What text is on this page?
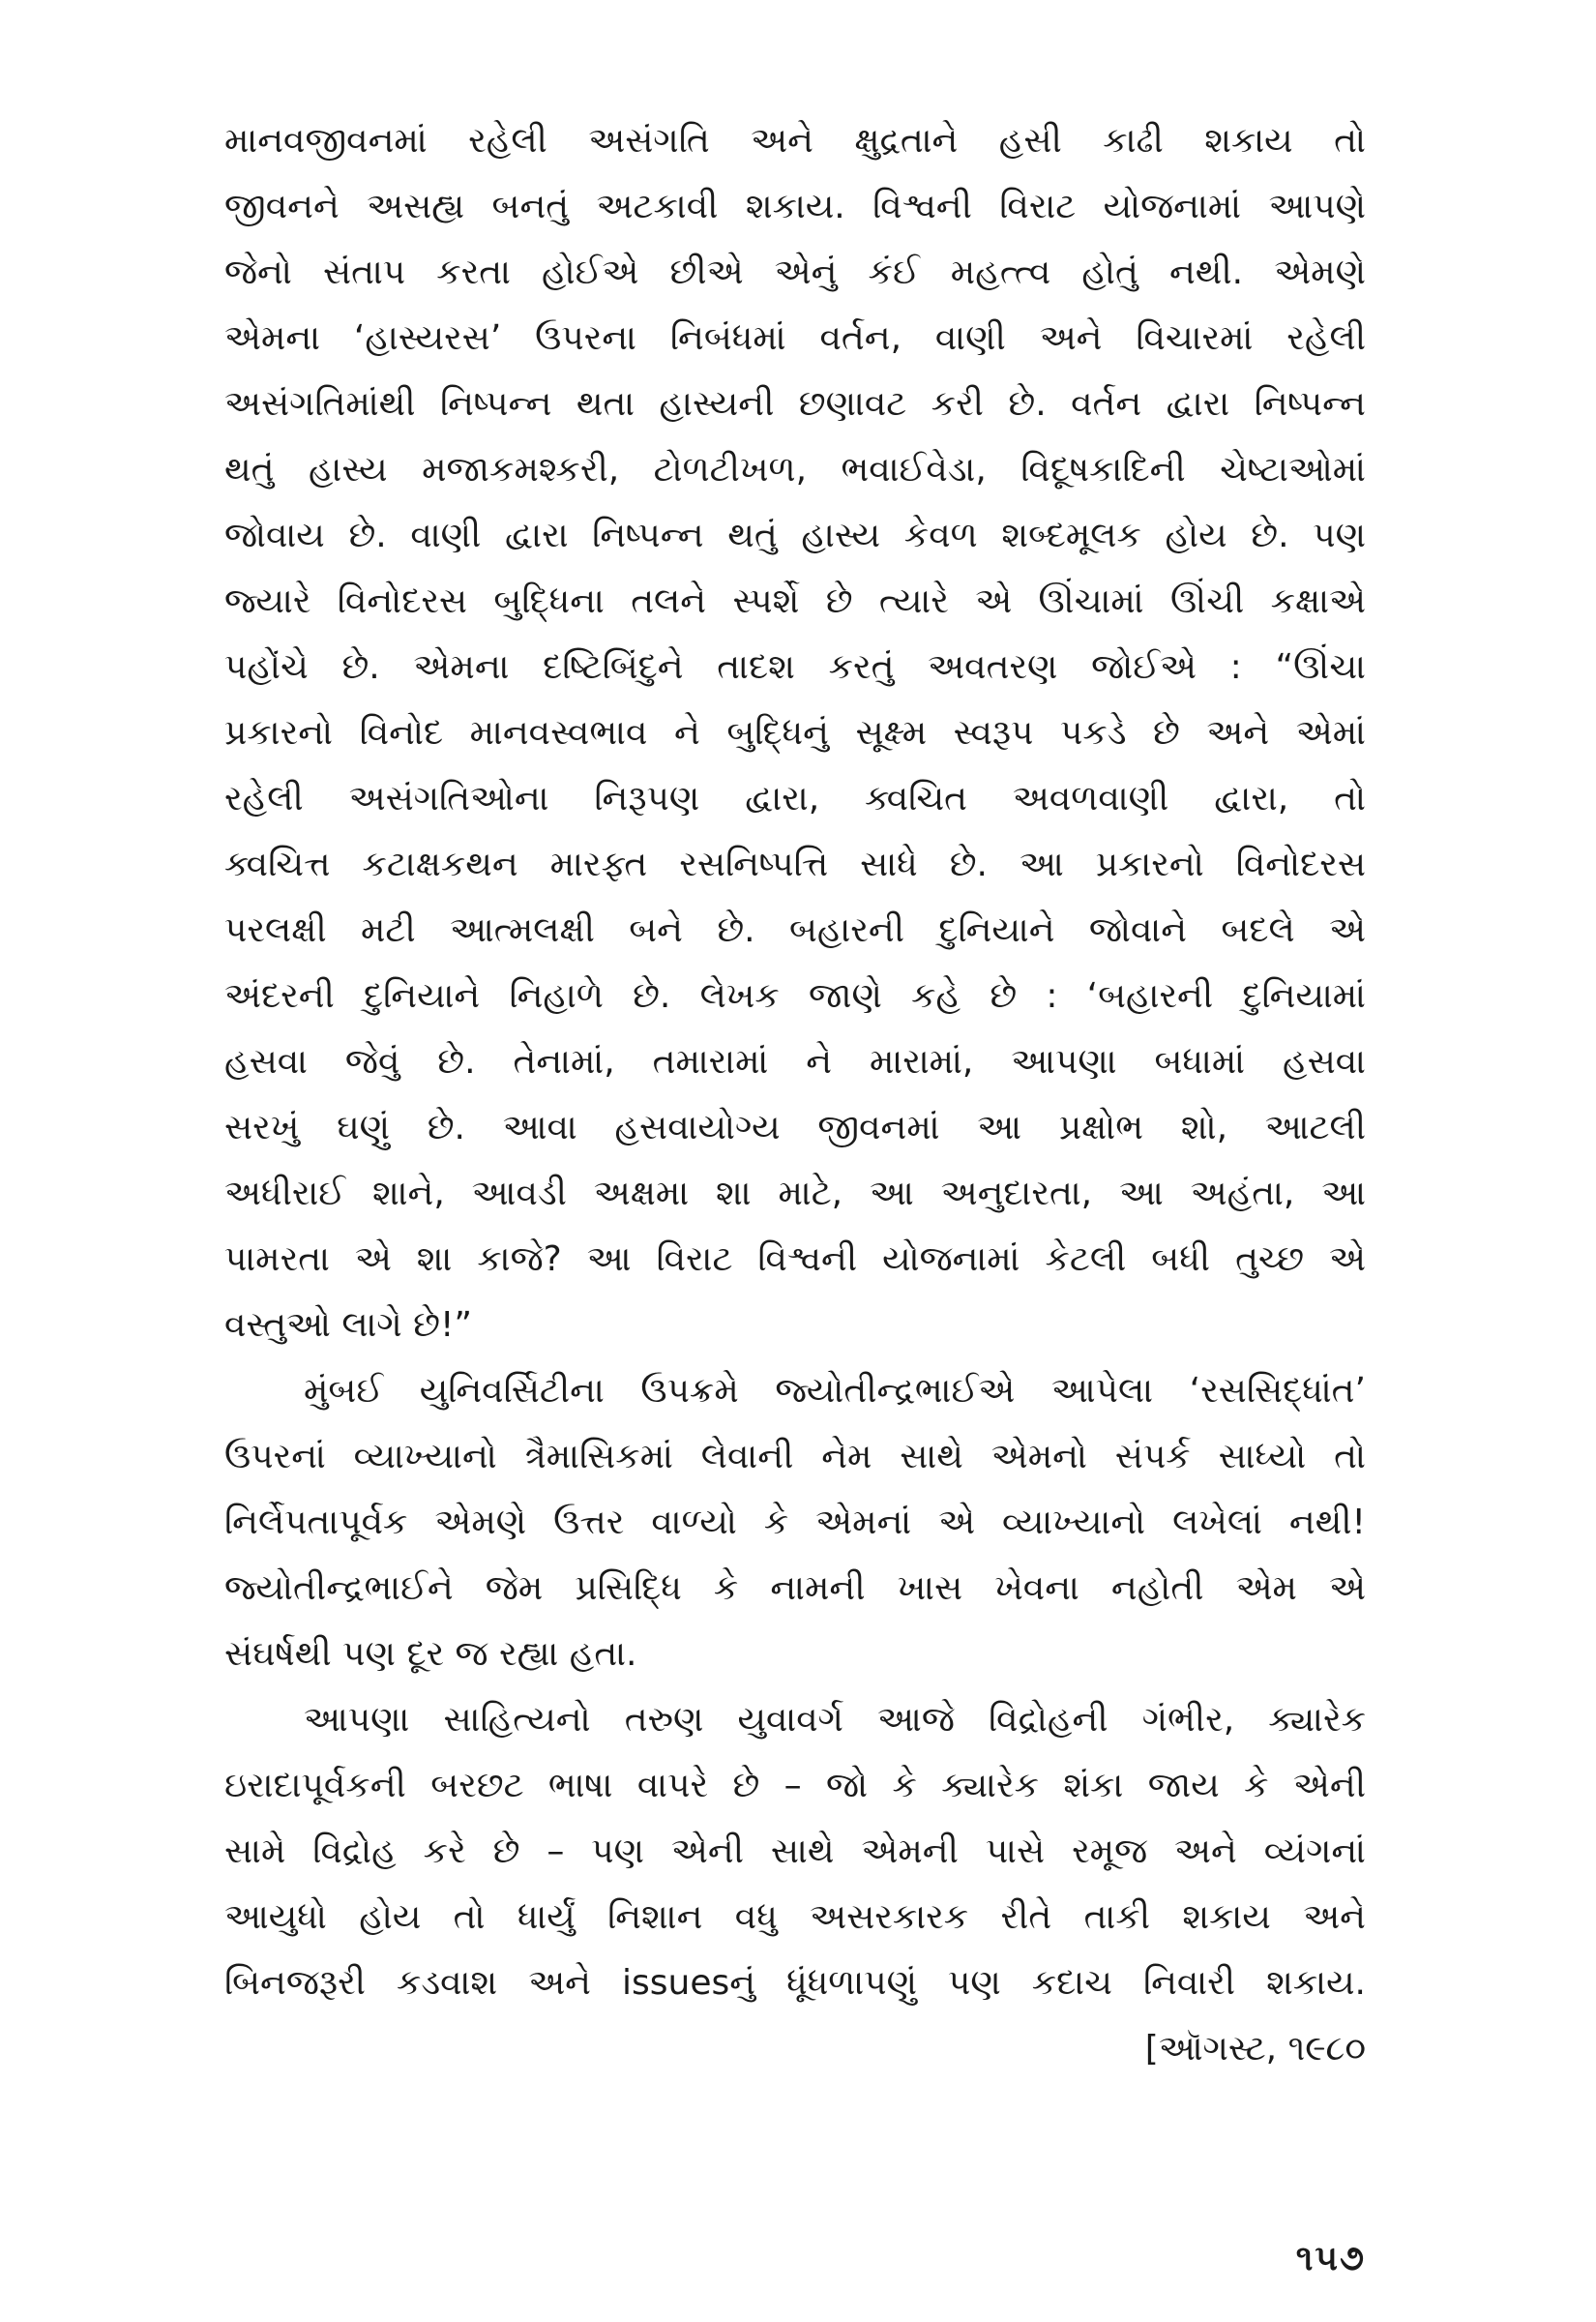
માનવજીવનમાં રહેલી અસંગતિ અને ક્ષુદ્રતાને હસી કાઢી શકાય તો
જીવનને અસહ્ય બનતું અટકાવી શકાય. વિશ્વની વિરાટ યોજનામાં આપણે
જેનો સંતાપ કરતા હોઈએ છીએ એનું કંઈ મહત્ત્વ હોતું નથી. એમણે
એમના ‘હાસ્યરસ’ ઉપરના નિબંધમાં વર્તન, વાણી અને વિચારમાં રહેલી
અસંગતિમાંથી નિષ્પન્ન થતા હાસ્યની છણાવટ કરી છે. વર્તન દ્વારા નિષ્પન્ન
થતું હાસ્ય મજાકમશ્કરી, ટોળટીખળ, ભવાઈવેડા, વિદૂષકાદિની ચેષ્ટાઓમાં
જોવાય છે. વાણી દ્વારા નિષ્પન્ન થતું હાસ્ય કેવળ શબ્દમૂલક હોય છે. પણ
જ્યારે વિનોદરસ બુદ્ધિના તલને સ્પર્શે છે ત્યારે એ ઊંચામાં ઊંચી કક્ષાએ
પહોંચે છે. એમના દષ્ટિબિંદુને તાદશ કરતું અવતરણ જોઈએ : “ઊંચા
પ્રકારનો વિનોદ માનવસ્વભાવ ને બુદ્ધિનું સૂક્ષ્મ સ્વરૂપ પકડે છે અને એમાં
રહેલી અસંગતિઓના નિરૂપણ દ્વારા, ક્વચિત અવળવાણી દ્વારા, તો
ક્વચિત્ત કટાક્ષકથન મારફ્ત રસનિષ્પત્તિ સાધે છે. આ પ્રકારનો વિનોદરસ
પરલક્ષી મટી આત્મલક્ષી બને છે. બહારની દુનિયાને જોવાને બદલે એ
અંદરની દુનિયાને નિહાળે છે. લેખક જાણે કહે છે : ‘બહારની દુનિયામાં
હસવા જેવું છે. તેનામાં, તમારામાં ને મારામાં, આપણા બધામાં હસવા
સરખું ઘણું છે. આવા હસવાયોગ્ય જીવનમાં આ પ્રક્ષોભ શો, આટલી
અધીરાઈ શાને, આવડી અક્ષમા શા માટે, આ અનુદારતા, આ અહંતા, આ
પામરતા એ શા કાજે? આ વિરાટ વિશ્વની યોજનામાં કેટલી બધી તુચ્છ એ
વસ્તુઓ લાગે છે!”
મુંબઈ યુનિવર્સિટીના ઉપક્રમે જ્યોતીન્દ્રભાઈએ આપેલા ‘રસસિદ્ધાંત’
ઉપરનાં વ્યાખ્યાનો ત્રૈમાસિકમાં લેવાની નેમ સાથે એમનો સંપર્ક સાધ્યો તો
નિર્લેપતાપૂર્વક એમણે ઉત્તર વાળ્યો કે એમનાં એ વ્યાખ્યાનો લખેલાં નથી!
જ્યોતીન્દ્રભાઈને જેમ પ્રસિદ્ધિ કે નામની ખાસ ખેવના નહોતી એમ એ
સંઘર્ષથી પણ દૂર જ રહ્યા હતા.
આપણા સાહિત્યનો તરુણ યુવાવર્ગ આજે વિદ્રોહની ગંભીર, ક્યારેક
ઇરાદાપૂર્વકની બરછટ ભાષા વાપરે છે – જો કે ક્યારેક શંકા જાય કે એની
સામે વિદ્રોહ કરે છે – પણ એની સાથે એમની પાસે રમૂજ અને વ્યંગનાં
આયુધો હોય તો ધાર્યું નિશાન વધુ અસરકારક રીતે તાકી શકાય અને
બિનજરૂરી કડવાશ અને issuesનું ધૂંધળાપણું પણ કદાચ નિવારી શકાય.
[ઑગસ્ટ, ૧૯૮૦
૧૫૭
